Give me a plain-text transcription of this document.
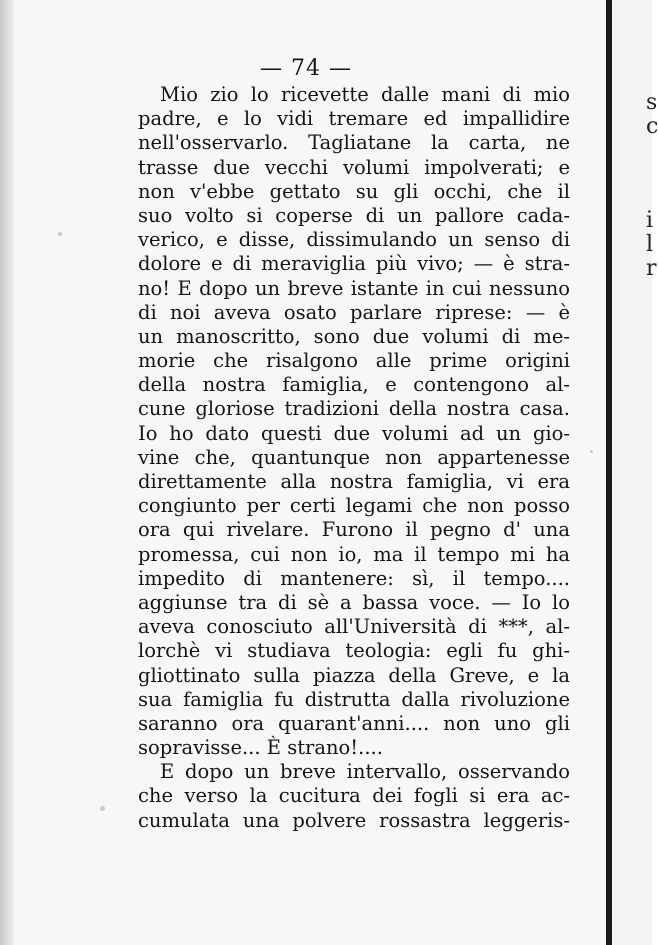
— 74 —
Mio zio lo ricevette dalle mani di mio
padre, e lo vidi tremare ed impallidire
nell'osservarlo. Tagliatane la carta, ne
trasse due vecchi volumi impolverati; e
non v'ebbe gettato su gli occhi, che il
suo volto si coperse di un pallore cada-
verico, e disse, dissimulando un senso di
dolore e di meraviglia più vivo; — è stra-
no! E dopo un breve istante in cui nessuno
di noi aveva osato parlare riprese: — è
un manoscritto, sono due volumi di me-
morie che risalgono alle prime origini
della nostra famiglia, e contengono al-
cune gloriose tradizioni della nostra casa.
Io ho dato questi due volumi ad un gio-
vine che, quantunque non appartenesse
direttamente alla nostra famiglia, vi era
congiunto per certi legami che non posso
ora qui rivelare. Furono il pegno d' una
promessa, cui non io, ma il tempo mi ha
impedito di mantenere: sì, il tempo....
aggiunse tra di sè a bassa voce. — Io lo
aveva conosciuto all'Università di ***, al-
lorchè vi studiava teologia: egli fu ghi-
gliottinato sulla piazza della Greve, e la
sua famiglia fu distrutta dalla rivoluzione
saranno ora quarant'anni.... non uno gli
sopravisse... È strano!....
E dopo un breve intervallo, osservando
che verso la cucitura dei fogli si era ac-
cumulata una polvere rossastra leggeris-
s
c
i
l
r
